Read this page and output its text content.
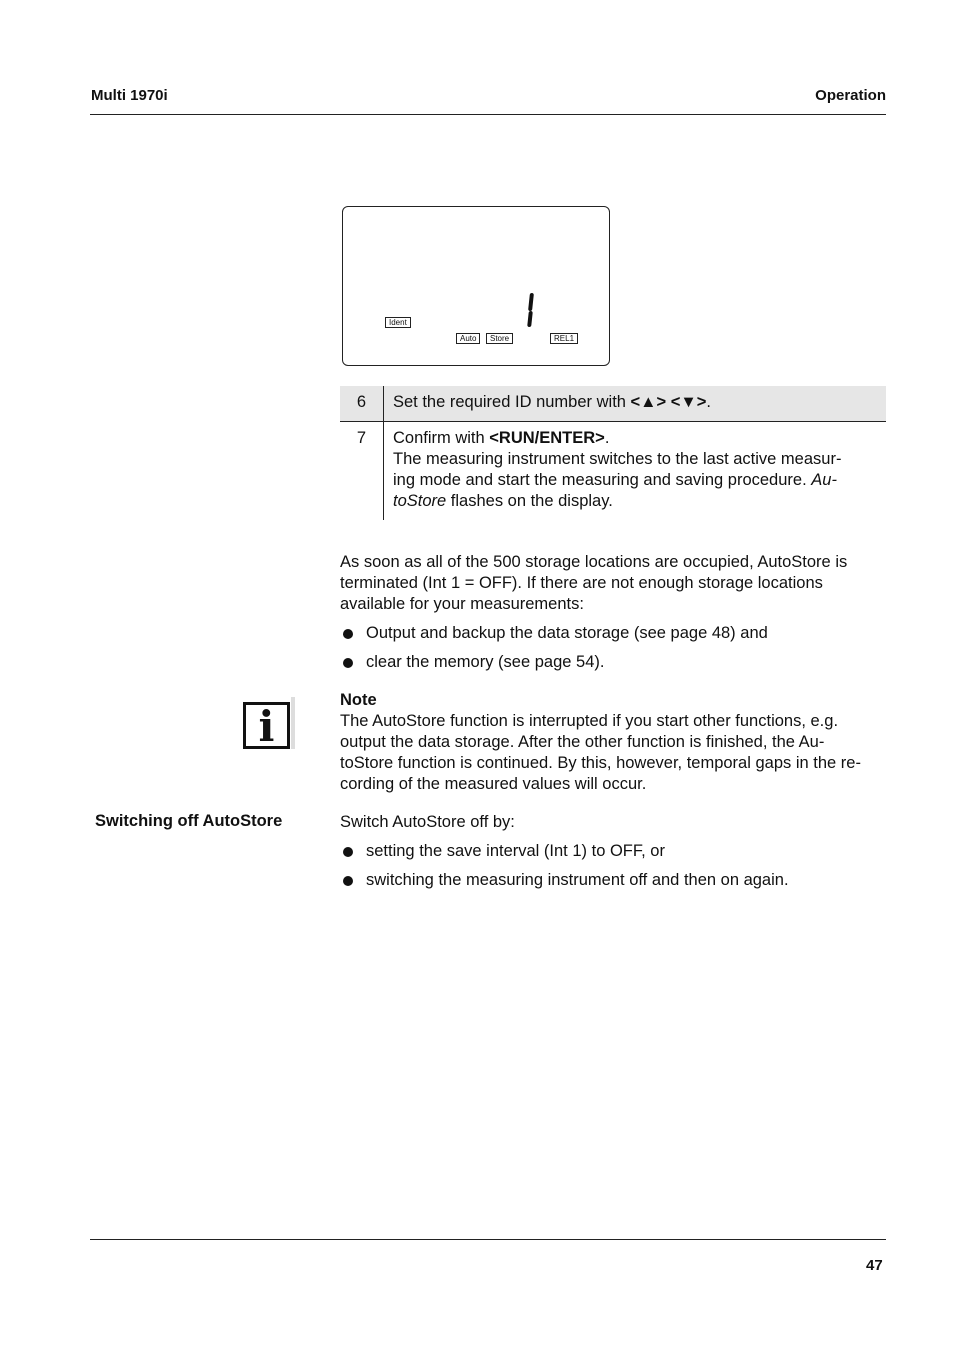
Multi 1970i	Operation
Ident
Auto	Store	REL1
6	Set the required ID number with <▲> <▼>.
7	Confirm with <RUN/ENTER>.
The measuring instrument switches to the last active measur-
ing mode and start the measuring and saving procedure. Au-
toStore flashes on the display.
As soon as all of the 500 storage locations are occupied, AutoStore is
terminated (Int 1 = OFF). If there are not enough storage locations
available for your measurements:
Output and backup the data storage (see page 48) and
clear the memory (see page 54).
i
Note
The AutoStore function is interrupted if you start other functions, e.g.
output the data storage. After the other function is finished, the Au-
toStore function is continued. By this, however, temporal gaps in the re-
cording of the measured values will occur.
Switching off AutoStore	Switch AutoStore off by:
setting the save interval (Int 1) to OFF, or
switching the measuring instrument off and then on again.
47
